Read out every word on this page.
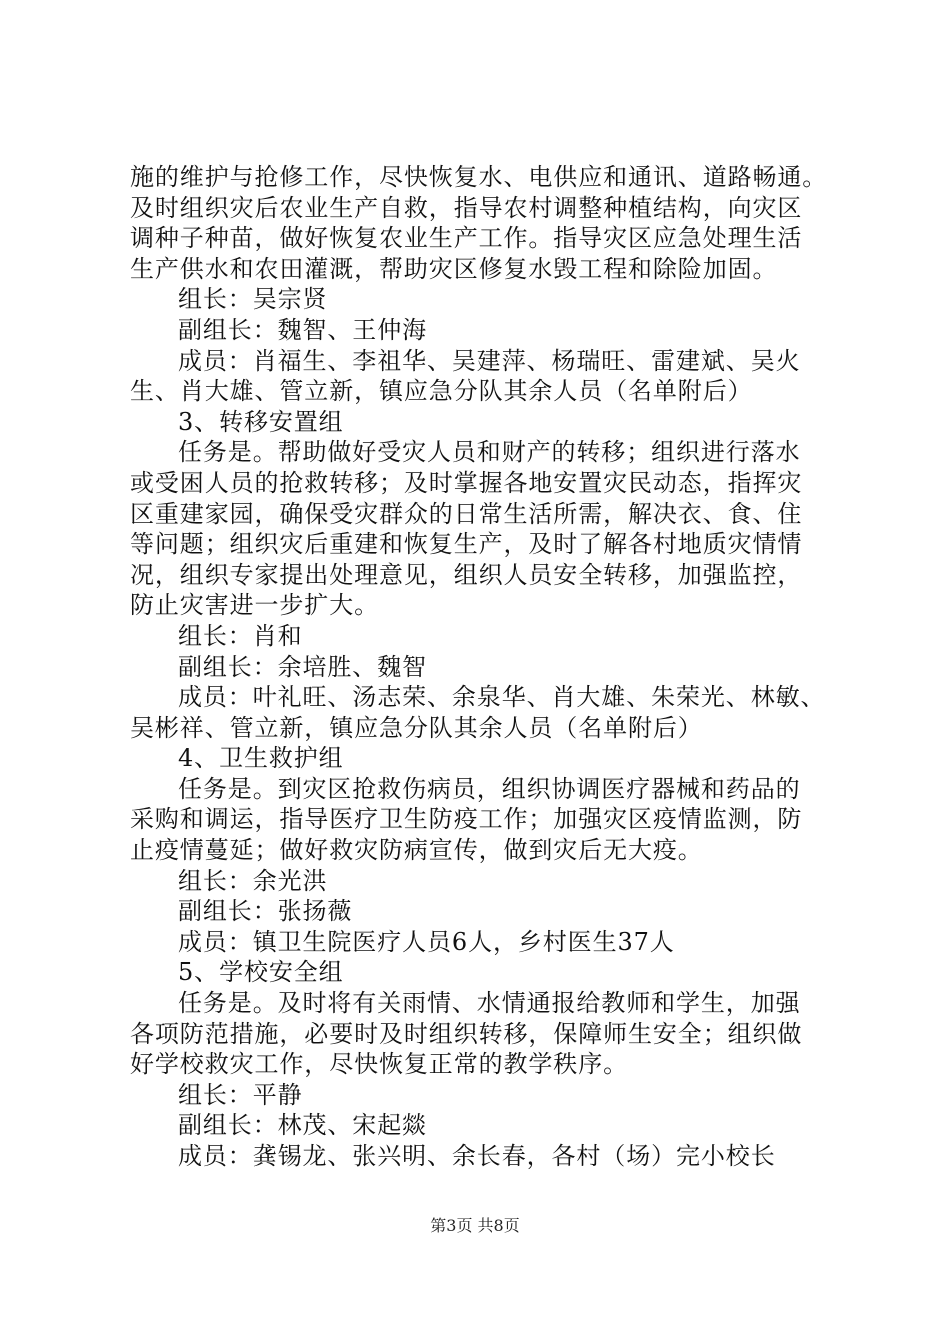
施的维护与抢修工作，尽快恢复水、电供应和通讯、道路畅通。
及时组织灾后农业生产自救，指导农村调整种植结构，向灾区
调种子种苗，做好恢复农业生产工作。指导灾区应急处理生活
生产供水和农田灌溉，帮助灾区修复水毁工程和除险加固。
组长：吴宗贤
副组长：魏智、王仲海
成员：肖福生、李祖华、吴建萍、杨瑞旺、雷建斌、吴火
生、肖大雄、管立新，镇应急分队其余人员（名单附后）
3、转移安置组
任务是。帮助做好受灾人员和财产的转移；组织进行落水
或受困人员的抢救转移；及时掌握各地安置灾民动态，指挥灾
区重建家园，确保受灾群众的日常生活所需，解决衣、食、住
等问题；组织灾后重建和恢复生产，及时了解各村地质灾情情
况，组织专家提出处理意见，组织人员安全转移，加强监控，
防止灾害进一步扩大。
组长：肖和
副组长：余培胜、魏智
成员：叶礼旺、汤志荣、余泉华、肖大雄、朱荣光、林敏、
吴彬祥、管立新，镇应急分队其余人员（名单附后）
4、卫生救护组
任务是。到灾区抢救伤病员，组织协调医疗器械和药品的
采购和调运，指导医疗卫生防疫工作；加强灾区疫情监测，防
止疫情蔓延；做好救灾防病宣传，做到灾后无大疫。
组长：余光洪
副组长：张扬薇
成员：镇卫生院医疗人员6人，乡村医生37人
5、学校安全组
任务是。及时将有关雨情、水情通报给教师和学生，加强
各项防范措施，必要时及时组织转移，保障师生安全；组织做
好学校救灾工作，尽快恢复正常的教学秩序。
组长：平静
副组长：林茂、宋起燚
成员：龚锡龙、张兴明、余长春，各村（场）完小校长
第3页 共8页
